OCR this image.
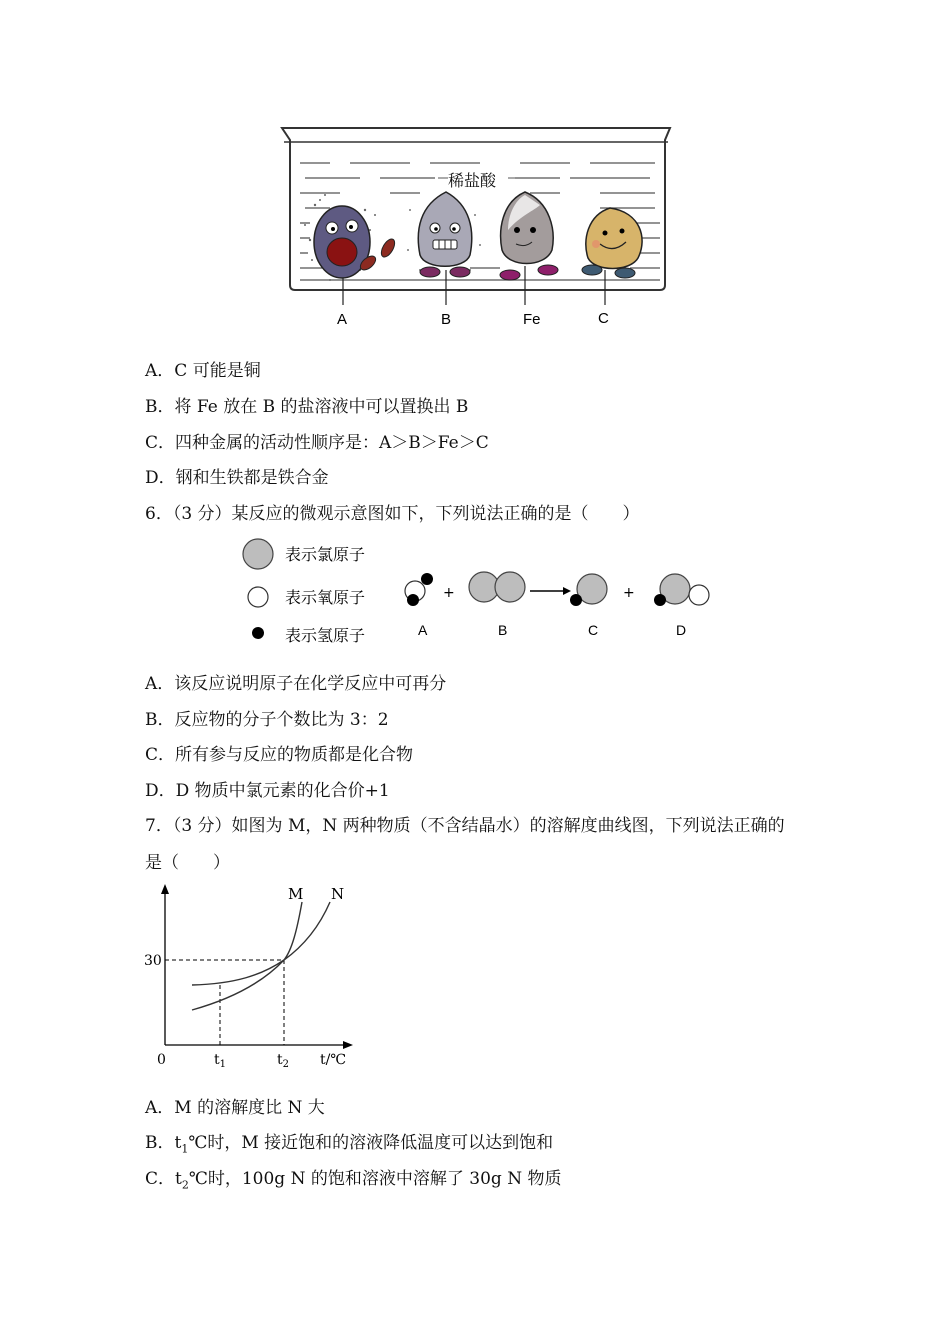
稀盐酸
A	B	Fe	C
A．C 可能是铜
B．将 Fe 放在 B 的盐溶液中可以置换出 B
C．四种金属的活动性顺序是：A＞B＞Fe＞C
D．钢和生铁都是铁合金
6．（3 分）某反应的微观示意图如下，下列说法正确的是（　　）
表示氯原子
表示氧原子
表示氢原子
+	+
A	B	C	D
A．该反应说明原子在化学反应中可再分
B．反应物的分子个数比为 3：2
C．所有参与反应的物质都是化合物
D．D 物质中氯元素的化合价+1
7．（3 分）如图为 M，N 两种物质（不含结晶水）的溶解度曲线图，下列说法正确的
是（　　）
M N
30
0	$t_1$	$t_2$ t/℃
A．M 的溶解度比 N 大
B．$t_1℃$时，M 接近饱和的溶液降低温度可以达到饱和
C．$t_2℃$时，100g N 的饱和溶液中溶解了 30g N 物质
